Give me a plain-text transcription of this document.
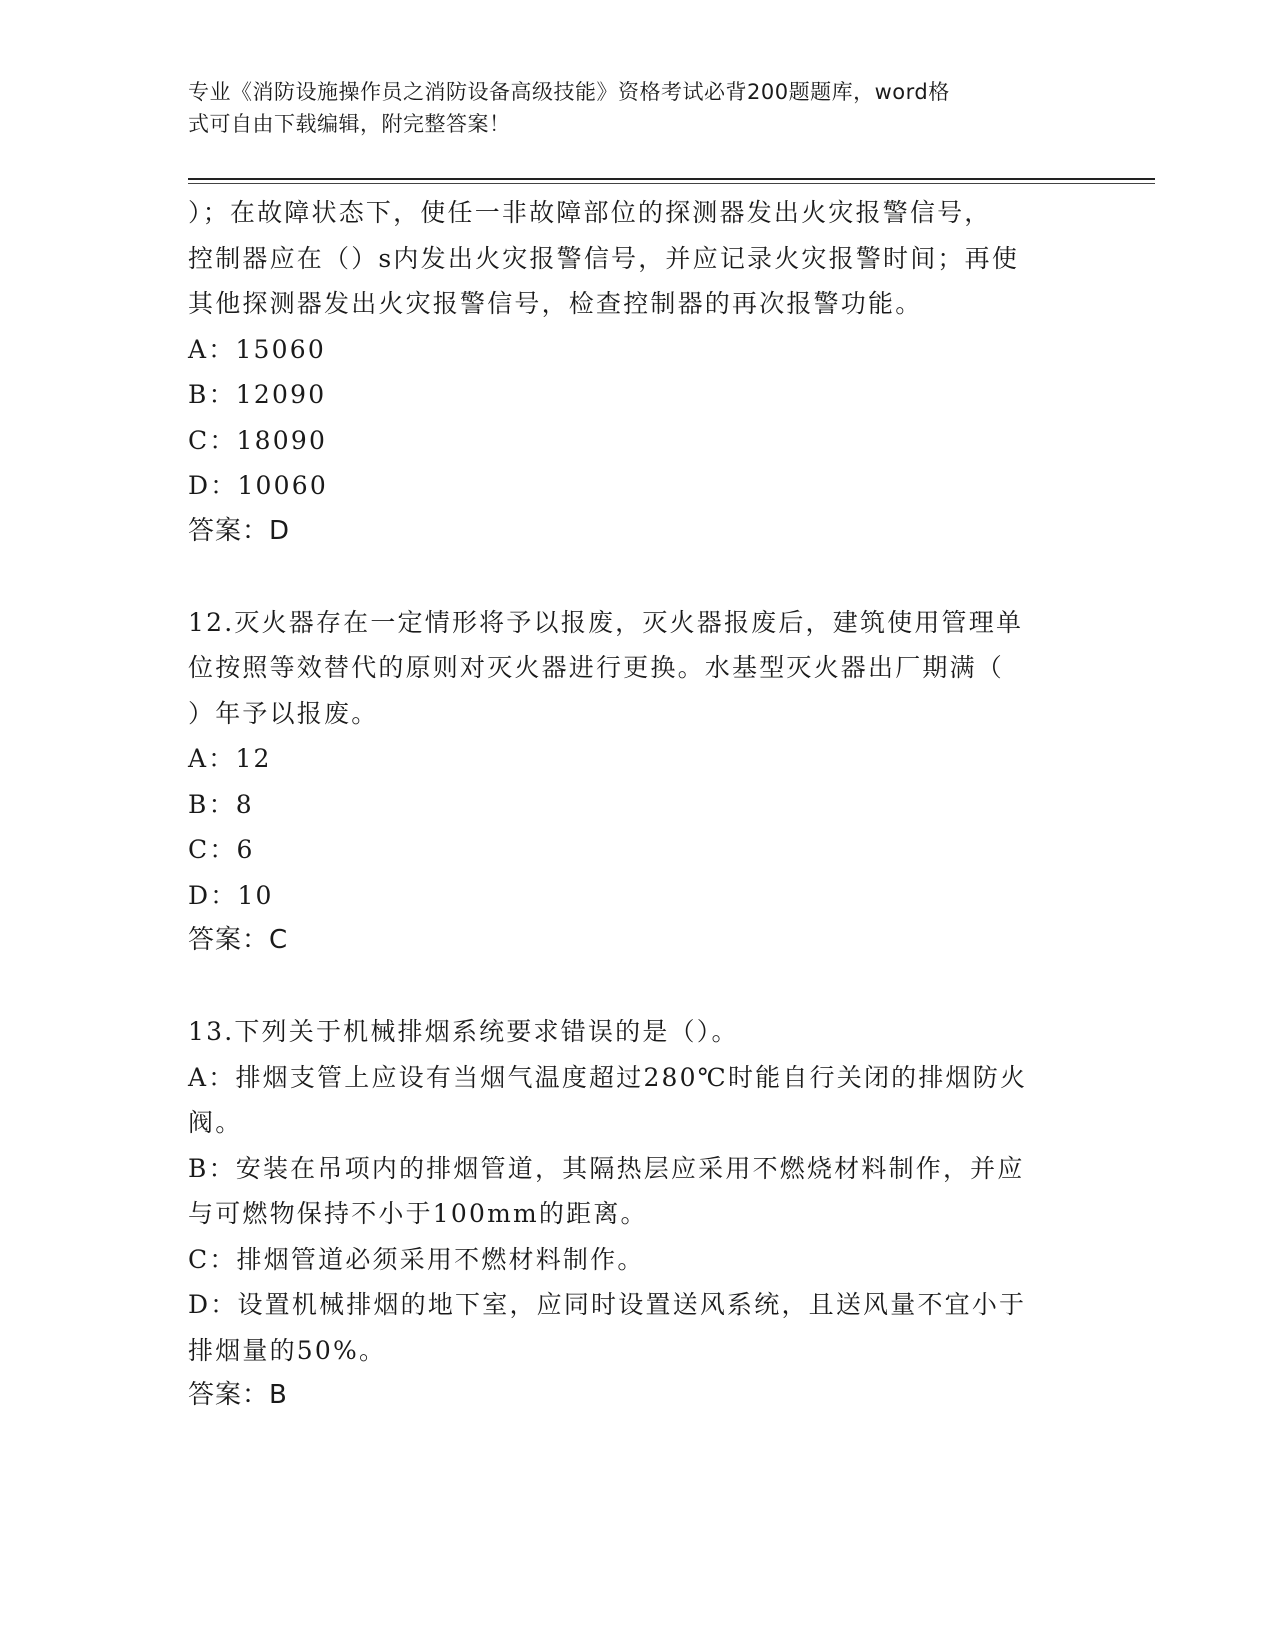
专业《消防设施操作员之消防设备高级技能》资格考试必背200题题库，word格
式可自由下载编辑，附完整答案！
）；在故障状态下，使任一非故障部位的探测器发出火灾报警信号，
控制器应在（）s内发出火灾报警信号，并应记录火灾报警时间；再使
其他探测器发出火灾报警信号，检查控制器的再次报警功能。
A：15060
B：12090
C：18090
D：10060
答案：D
12.灭火器存在一定情形将予以报废，灭火器报废后，建筑使用管理单
位按照等效替代的原则对灭火器进行更换。水基型灭火器出厂期满（
）年予以报废。
A：12
B：8
C：6
D：10
答案：C
13.下列关于机械排烟系统要求错误的是（）。
A：排烟支管上应设有当烟气温度超过280℃时能自行关闭的排烟防火
阀。
B：安装在吊项内的排烟管道，其隔热层应采用不燃烧材料制作，并应
与可燃物保持不小于100mm的距离。
C：排烟管道必须采用不燃材料制作。
D：设置机械排烟的地下室，应同时设置送风系统，且送风量不宜小于
排烟量的50%。
答案：B
